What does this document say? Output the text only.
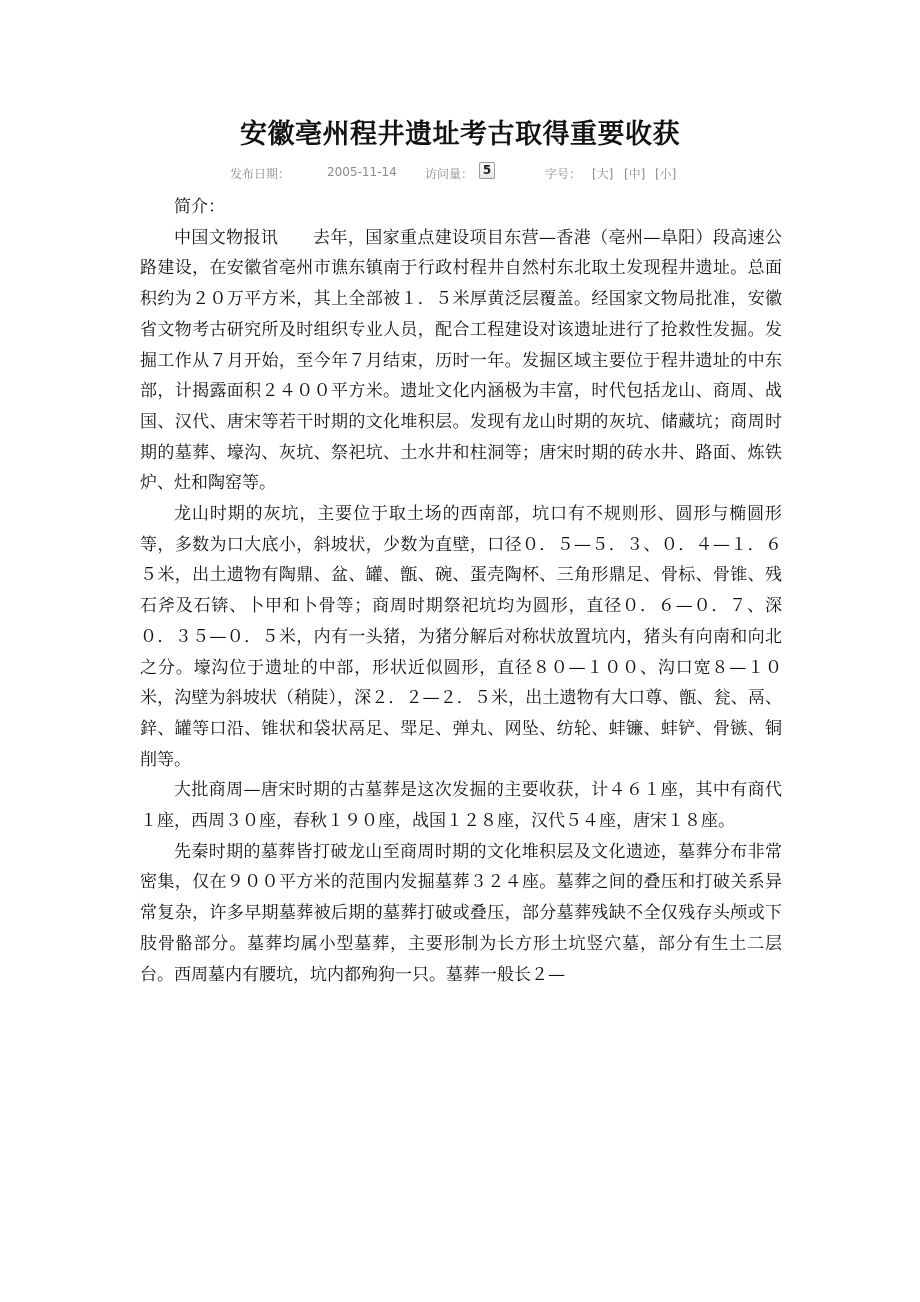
安徽亳州程井遗址考古取得重要收获
发布日期：	2005-11-14 访问量： 5	字号： [大] [中] [小]

简介：

中国文物报讯　　去年，国家重点建设项目东营—香港（亳州—阜阳）段高速公路建设，在安徽省亳州市谯东镇南于行政村程井自然村东北取土发现程井遗址。总面积约为２０万平方米，其上全部被１．５米厚黄泛层覆盖。经国家文物局批准，安徽省文物考古研究所及时组织专业人员，配合工程建设对该遗址进行了抢救性发掘。发掘工作从７月开始，至今年７月结束，历时一年。发掘区域主要位于程井遗址的中东部，计揭露面积２４００平方米。遗址文化内涵极为丰富，时代包括龙山、商周、战国、汉代、唐宋等若干时期的文化堆积层。发现有龙山时期的灰坑、储藏坑；商周时期的墓葬、壕沟、灰坑、祭祀坑、土水井和柱洞等；唐宋时期的砖水井、路面、炼铁炉、灶和陶窑等。

龙山时期的灰坑，主要位于取土场的西南部，坑口有不规则形、圆形与椭圆形等，多数为口大底小，斜坡状，少数为直壁，口径０．５—５．３、０．４—１．６５米，出土遗物有陶鼎、盆、罐、甑、碗、蛋壳陶杯、三角形鼎足、骨标、骨锥、残石斧及石锛、卜甲和卜骨等；商周时期祭祀坑均为圆形，直径０．６—０．７、深０．３５—０．５米，内有一头猪，为猪分解后对称状放置坑内，猪头有向南和向北之分。壕沟位于遗址的中部，形状近似圆形，直径８０—１００、沟口宽８—１０米，沟壁为斜坡状（稍陡），深２．２—２．５米，出土遗物有大口尊、甑、瓮、鬲、鋅、罐等口沿、锥状和袋状鬲足、斝足、弹丸、网坠、纺轮、蚌镰、蚌铲、骨镞、铜削等。

大批商周—唐宋时期的古墓葬是这次发掘的主要收获，计４６１座，其中有商代１座，西周３０座，春秋１９０座，战国１２８座，汉代５４座，唐宋１８座。

先秦时期的墓葬皆打破龙山至商周时期的文化堆积层及文化遗迹，墓葬分布非常密集，仅在９００平方米的范围内发掘墓葬３２４座。墓葬之间的叠压和打破关系异常复杂，许多早期墓葬被后期的墓葬打破或叠压，部分墓葬残缺不全仅残存头颅或下肢骨骼部分。墓葬均属小型墓葬，主要形制为长方形土坑竖穴墓，部分有生土二层台。西周墓内有腰坑，坑内都殉狗一只。墓葬一般长２—
